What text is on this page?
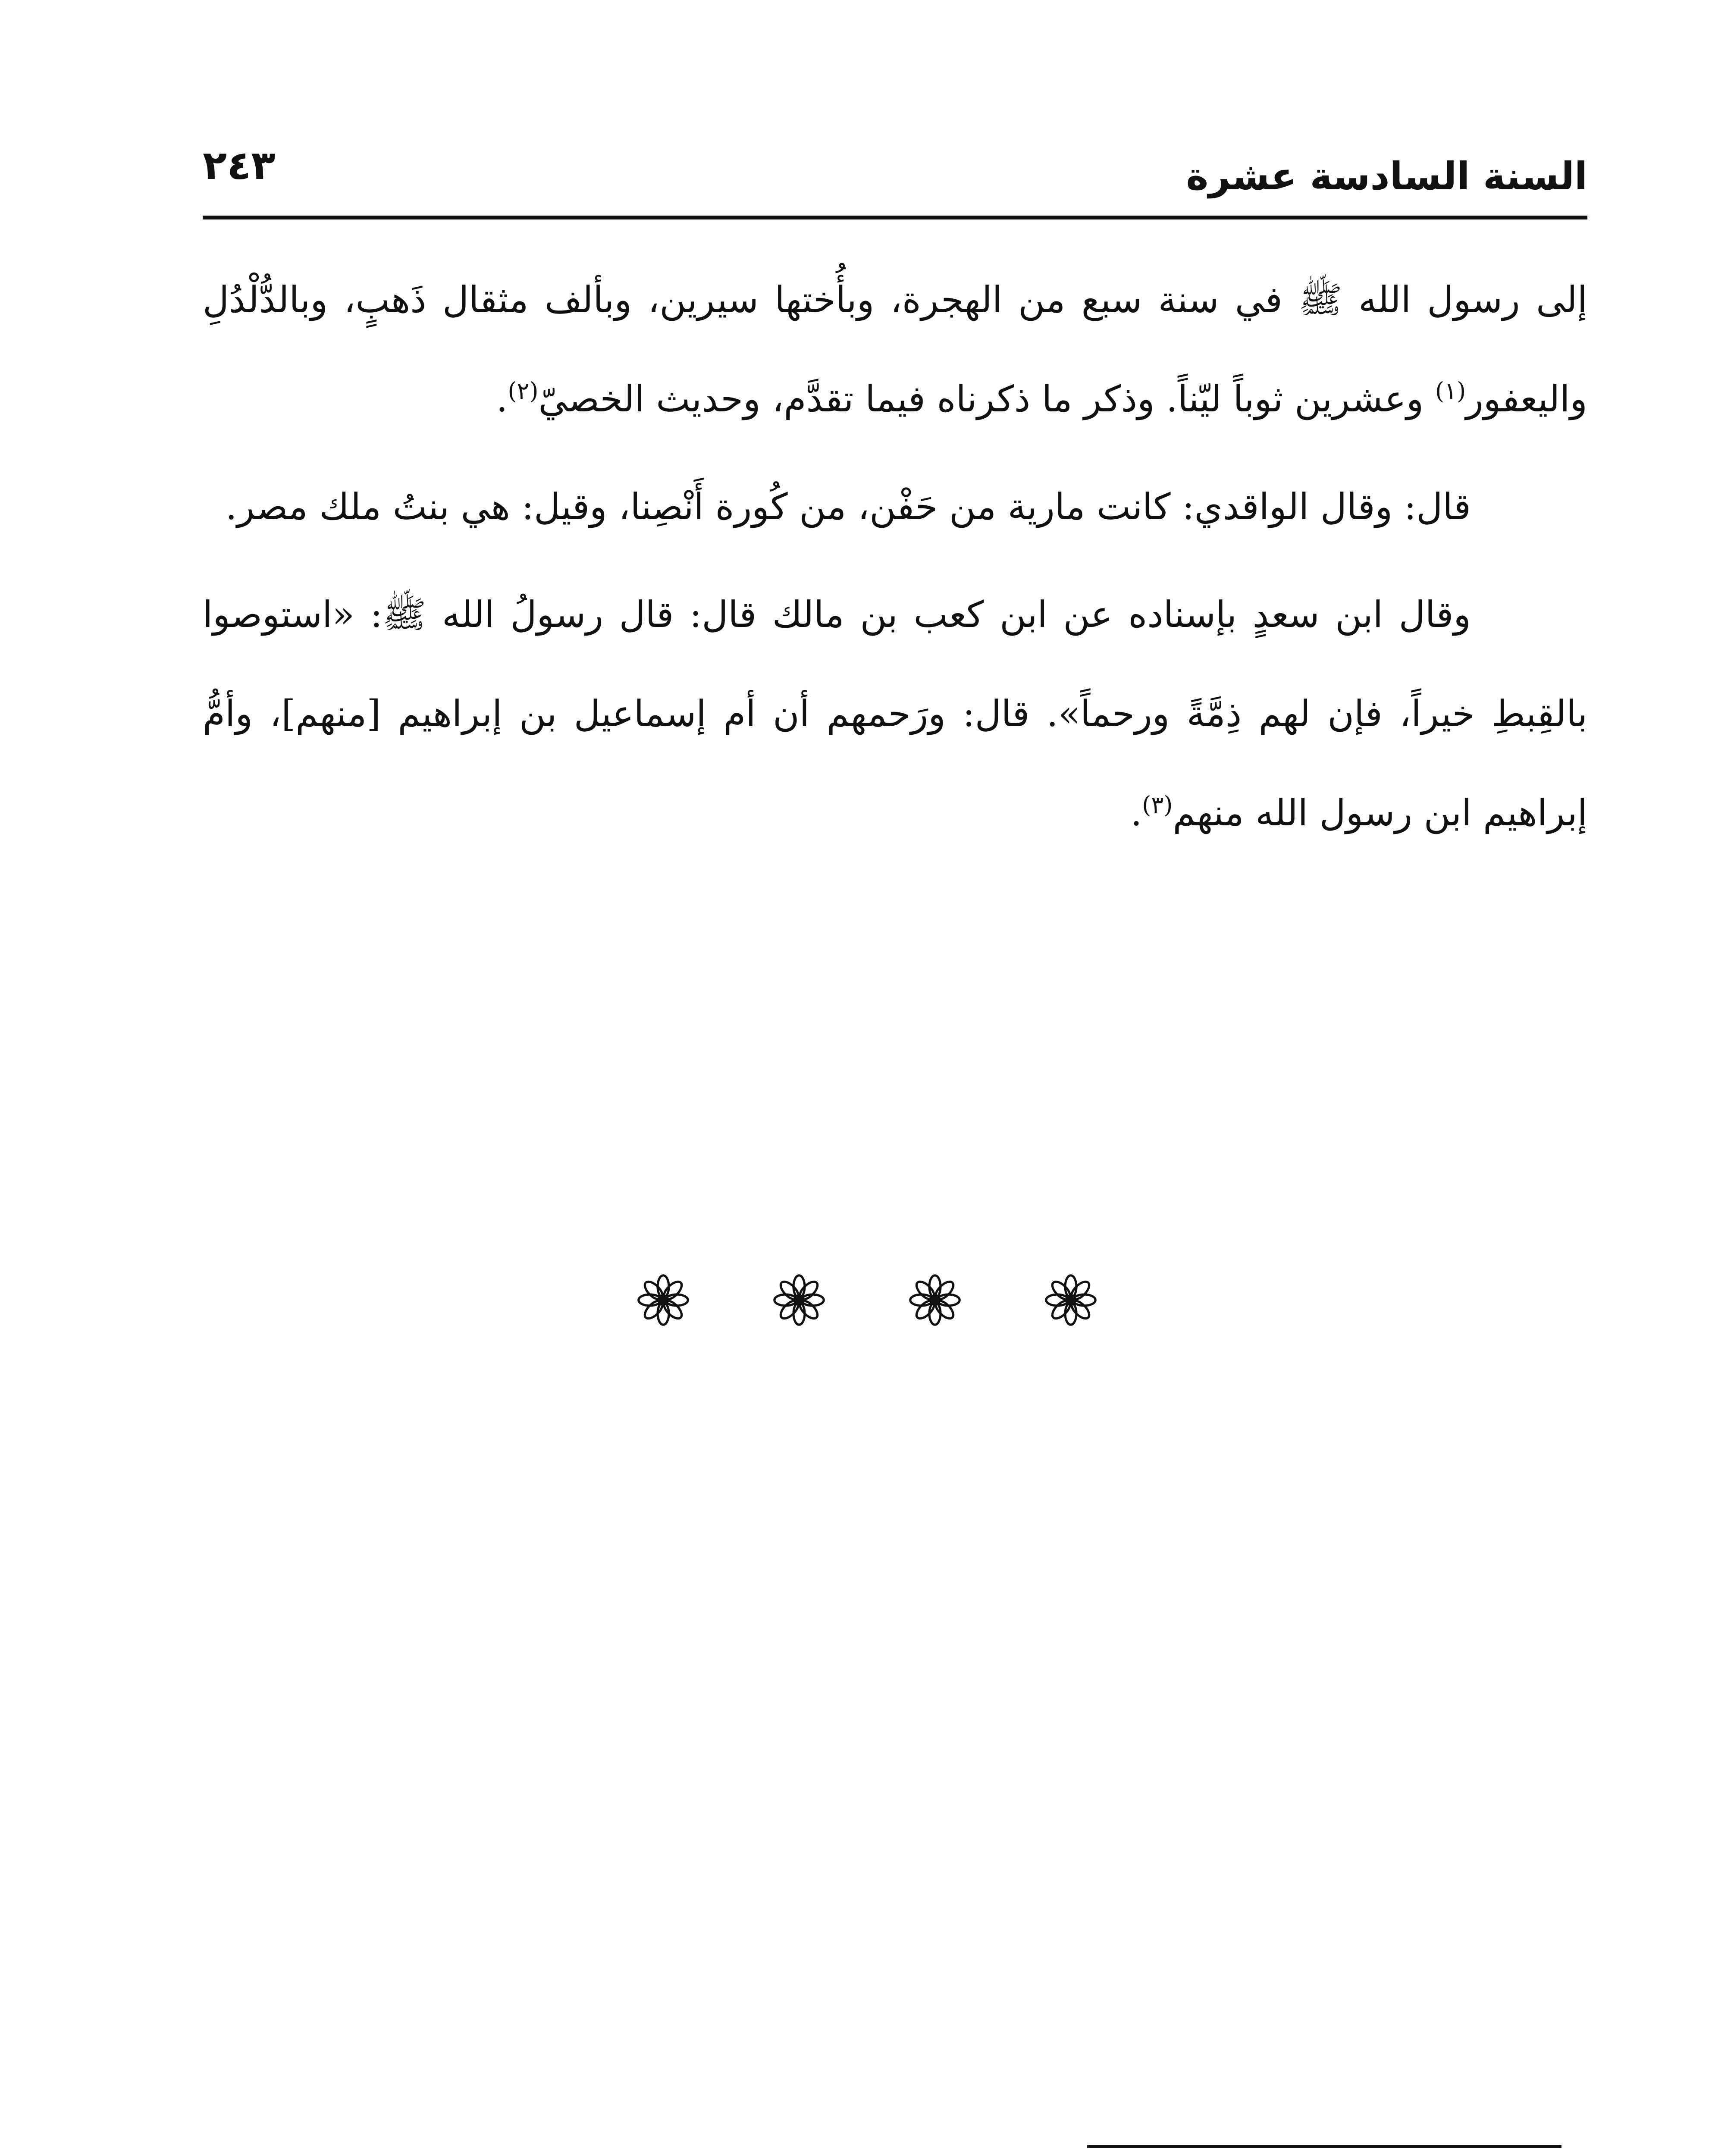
السنة السادسة عشرة
٢٤٣

إلى رسول الله ﷺ في سنة سبع من الهجرة، وبأُختها سيرين، وبألف مثقال ذَهبٍ، وبالدُّلْدُلِ واليعفور$^{(١)}$ وعشرين ثوباً ليّناً. وذكر ما ذكرناه فيما تقدَّم، وحديث الخصيّ$^{(٢)}$.

قال: وقال الواقدي: كانت مارية من حَفْن، من كُورة أَنْصِنا، وقيل: هي بنتُ ملك مصر.

وقال ابن سعدٍ بإسناده عن ابن كعب بن مالك قال: قال رسولُ الله ﷺ: «استوصوا بالقِبطِ خيراً، فإن لهم ذِمَّةً ورحماً». قال: ورَحمهم أن أم إسماعيل بن إبراهيم [منهم]، وأمُّ إبراهيم ابن رسول الله منهم$^{(٣)}$.
